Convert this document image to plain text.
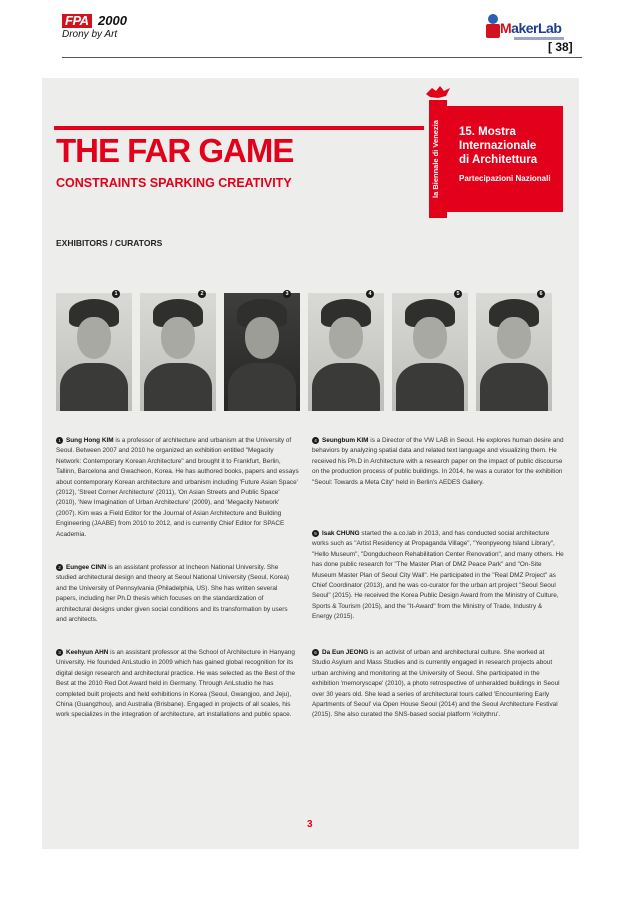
FPA 2000
Drony by Art	MakerLab
[ 38]
la Biennale di Venezia
THE FAR GAME
CONSTRAINTS SPARKING CREATIVITY
15. Mostra
Internazionale
di Architettura
Partecipazioni Nazionali
EXHIBITORS / CURATORS
1	2	3	4	5	6
1 Sung Hong KIM is a professor of architecture and urbanism at the University of Seoul. Between 2007 and 2010 he organized an exhibition entitled "Megacity Network: Contemporary Korean Architecture" and brought it to Frankfurt, Berlin, Tallinn, Barcelona and Gwacheon, Korea. He has authored books, papers and essays about contemporary Korean architecture and urbanism including 'Future Asian Space' (2012), 'Street Corner Architecture' (2011), 'On Asian Streets and Public Space' (2010), 'New Imagination of Urban Architecture' (2009), and 'Megacity Network' (2007). Kim was a Field Editor for the Journal of Asian Architecture and Building Engineering (JAABE) from 2010 to 2012, and is currently Chief Editor for SPACE Academia.
2 Eungee CINN is an assistant professor at Incheon National University. She studied architectural design and theory at Seoul National University (Seoul, Korea) and the University of Pennsylvania (Philadelphia, US). She has written several papers, including her Ph.D thesis which focuses on the standardization of architectural designs under given social conditions and its transformation by users and architects.
3 Keehyun AHN is an assistant professor at the School of Architecture in Hanyang University. He founded AnLstudio in 2009 which has gained global recognition for its digital design research and architectural practice. He was selected as the Best of the Best at the 2010 Red Dot Award held in Germany. Through AnLstudio he has completed built projects and held exhibitions in Korea (Seoul, Gwangjoo, and Jeju), China (Guangzhou), and Australia (Brisbane). Engaged in projects of all scales, his work specializes in the integration of architecture, art installations and public space.
4 Seungbum KIM is a Director of the VW LAB in Seoul. He explores human desire and behaviors by analyzing spatial data and related text language and visualizing them. He received his Ph.D in Architecture with a research paper on the impact of public discourse on the production process of public buildings. In 2014, he was a curator for the exhibition "Seoul: Towards a Meta City" held in Berlin's AEDES Gallery.
5 Isak CHUNG started the a.co.lab in 2013, and has conducted social architecture works such as "Artist Residency at Propaganda Village", "Yeonpyeong Island Library", "Hello Museum", "Dongducheon Rehabilitation Center Renovation", and many others. He has done public research for "The Master Plan of DMZ Peace Park" and "On-Site Museum Master Plan of Seoul City Wall". He participated in the "Real DMZ Project" as Chief Coordinator (2013), and he was co-curator for the urban art project "Seoul Seoul Seoul" (2015). He received the Korea Public Design Award from the Ministry of Culture, Sports & Tourism (2015), and the "It-Award" from the Ministry of Trade, Industry & Energy (2015).
6 Da Eun JEONG is an activist of urban and architectural culture. She worked at Studio Asylum and Mass Studies and is currently engaged in research projects about urban archiving and monitoring at the University of Seoul. She participated in the exhibition 'memoryscape' (2010), a photo retrospective of unheralded buildings in Seoul over 30 years old. She lead a series of architectural tours called 'Encountering Early Apartments of Seoul' via Open House Seoul (2014) and the Seoul Architecture Festival (2015). She also curated the SNS-based social platform '#citythru'.
3
